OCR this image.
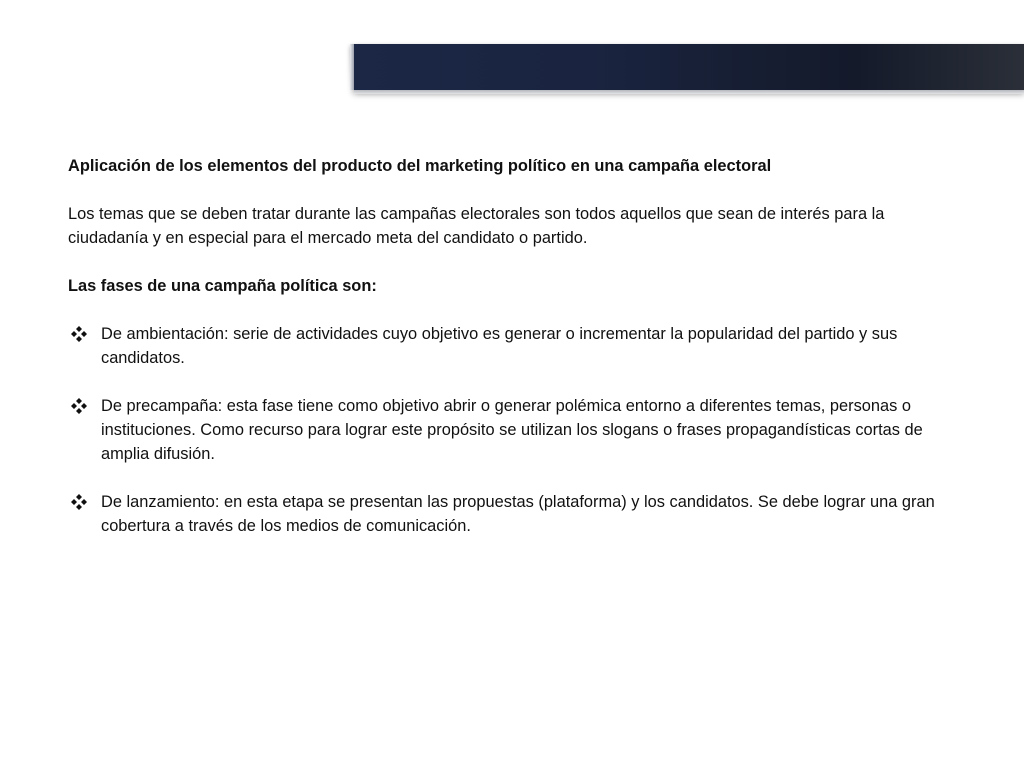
Aplicación de los elementos del producto del marketing político en una campaña electoral

Los temas que se deben tratar durante las campañas electorales son todos aquellos que sean de interés para la ciudadanía y en especial para el mercado meta del candidato o partido.

Las fases de una campaña política son:

De ambientación: serie de actividades cuyo objetivo es generar o incrementar la popularidad del partido y sus candidatos.

De precampaña: esta fase tiene como objetivo abrir o generar polémica entorno a diferentes temas, personas o instituciones. Como recurso para lograr este propósito se utilizan los slogans o frases propagandísticas cortas de amplia difusión.

De lanzamiento: en esta etapa se presentan las propuestas (plataforma) y los candidatos. Se debe lograr una gran cobertura a través de los medios de comunicación.
